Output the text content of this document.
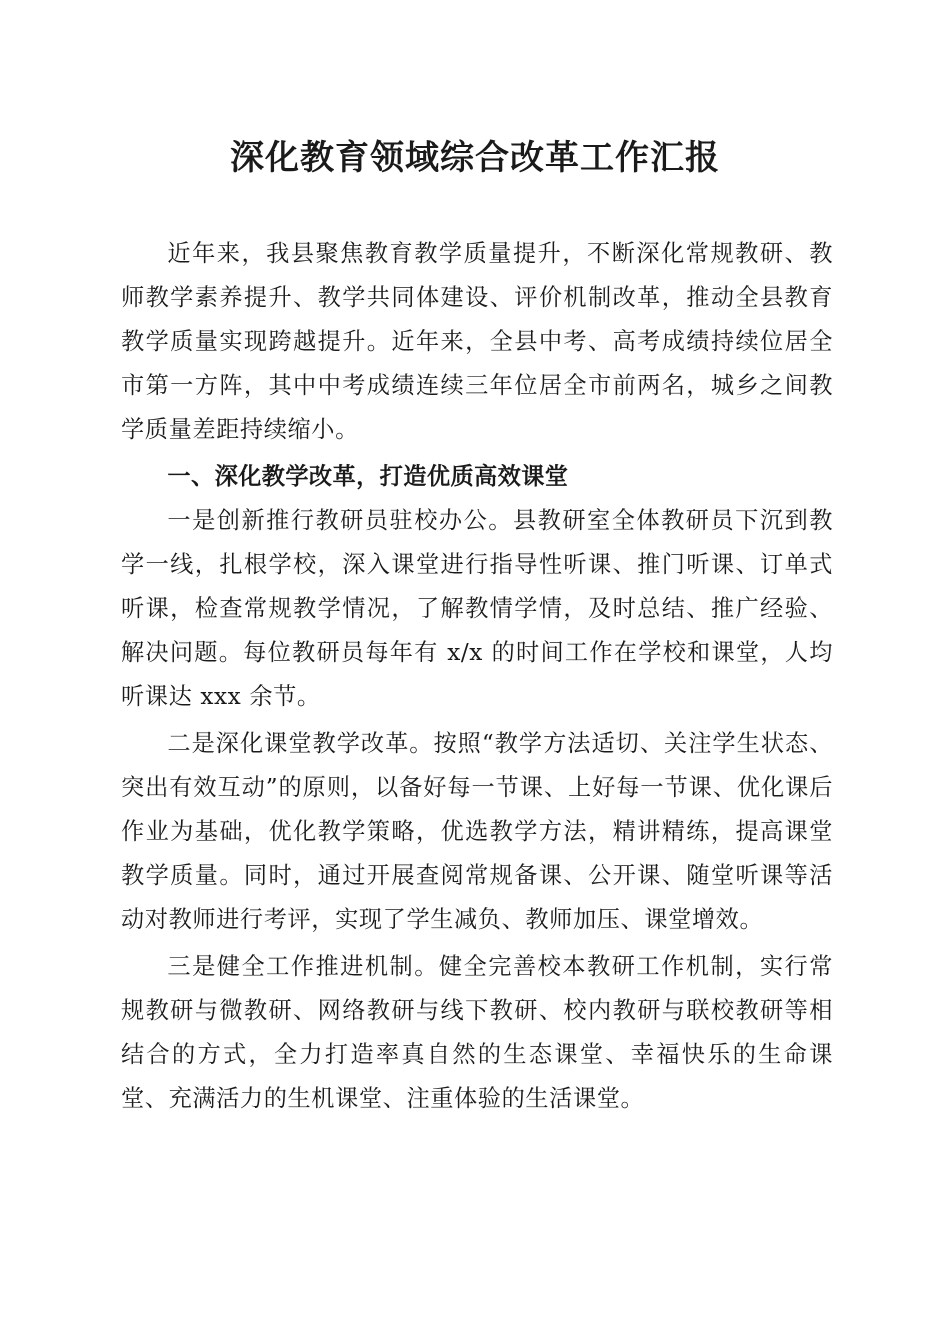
深化教育领域综合改革工作汇报

近年来，我县聚焦教育教学质量提升，不断深化常规教研、教师教学素养提升、教学共同体建设、评价机制改革，推动全县教育教学质量实现跨越提升。近年来，全县中考、高考成绩持续位居全市第一方阵，其中中考成绩连续三年位居全市前两名，城乡之间教学质量差距持续缩小。

一、深化教学改革，打造优质高效课堂

一是创新推行教研员驻校办公。县教研室全体教研员下沉到教学一线，扎根学校，深入课堂进行指导性听课、推门听课、订单式听课，检查常规教学情况，了解教情学情，及时总结、推广经验、解决问题。每位教研员每年有 x/x 的时间工作在学校和课堂，人均听课达 xxx 余节。

二是深化课堂教学改革。按照“教学方法适切、关注学生状态、突出有效互动”的原则，以备好每一节课、上好每一节课、优化课后作业为基础，优化教学策略，优选教学方法，精讲精练，提高课堂教学质量。同时，通过开展查阅常规备课、公开课、随堂听课等活动对教师进行考评，实现了学生减负、教师加压、课堂增效。

三是健全工作推进机制。健全完善校本教研工作机制，实行常规教研与微教研、网络教研与线下教研、校内教研与联校教研等相结合的方式，全力打造率真自然的生态课堂、幸福快乐的生命课堂、充满活力的生机课堂、注重体验的生活课堂。
